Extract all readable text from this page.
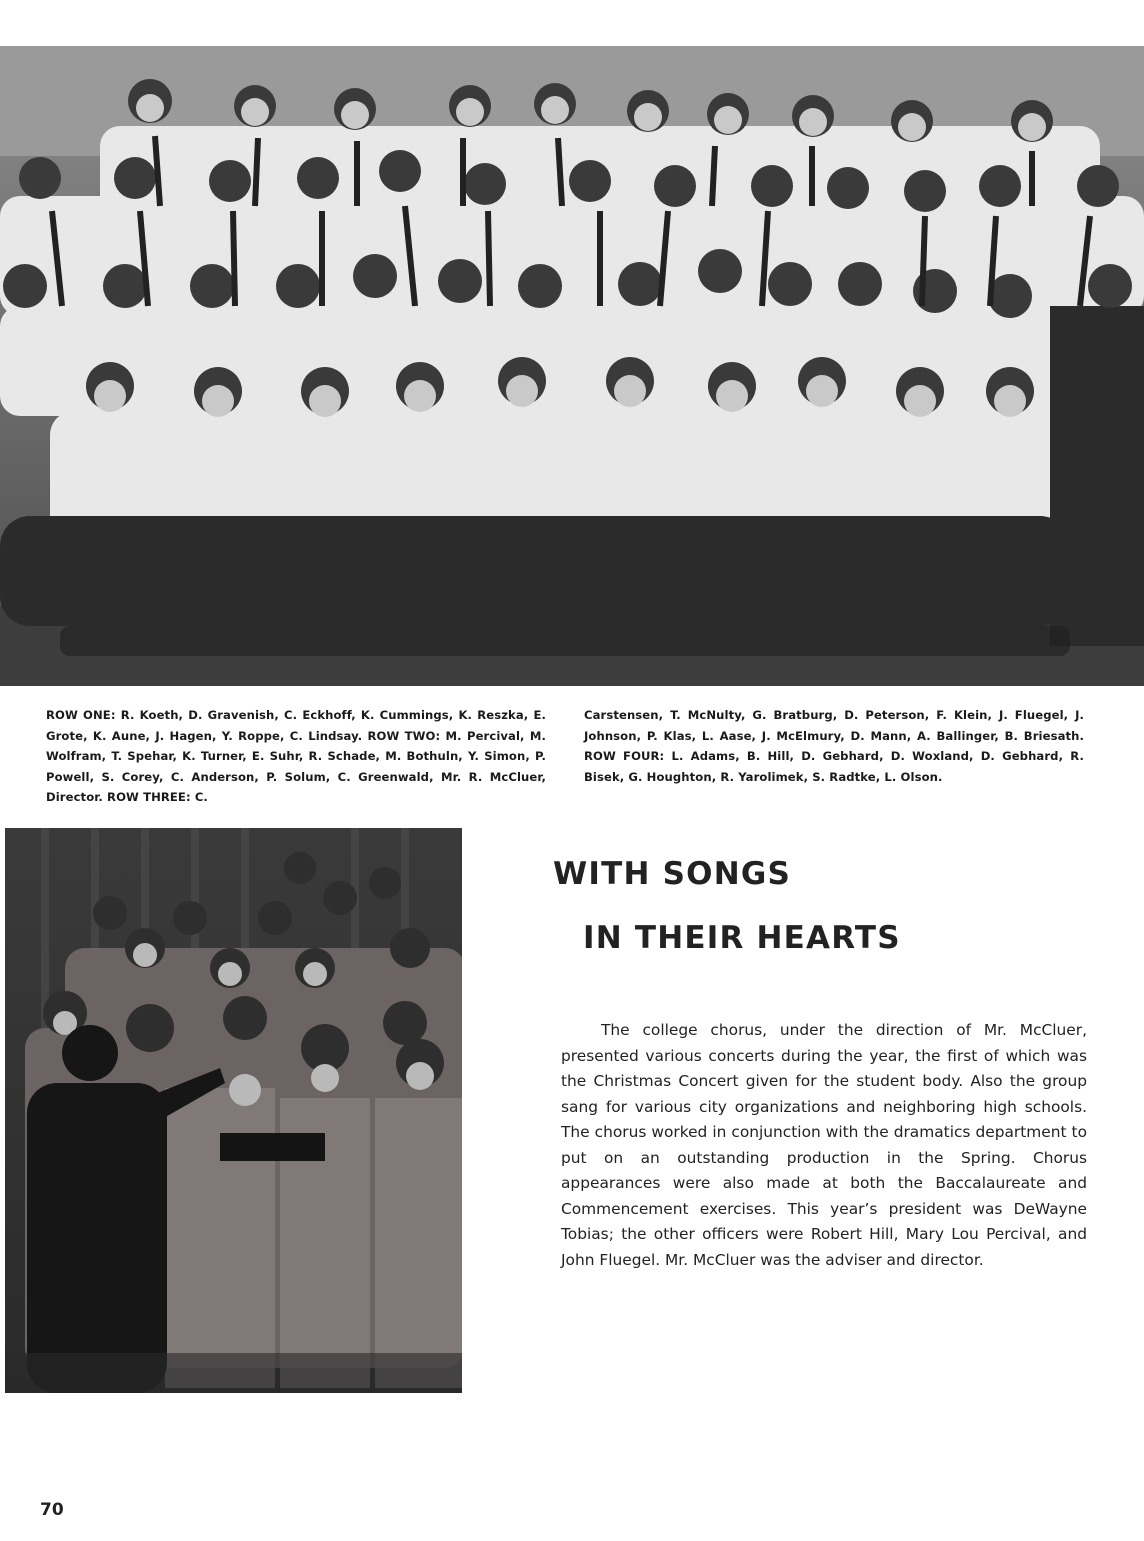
ROW ONE: R. Koeth, D. Gravenish, C. Eckhoff, K. Cummings, K. Reszka, E. Grote, K. Aune, J. Hagen, Y. Roppe, C. Lindsay. ROW TWO: M. Percival, M. Wolfram, T. Spehar, K. Turner, E. Suhr, R. Schade, M. Bothuln, Y. Simon, P. Powell, S. Corey, C. Anderson, P. Solum, C. Greenwald, Mr. R. McCluer, Director. ROW THREE: C.
Carstensen, T. McNulty, G. Bratburg, D. Peterson, F. Klein, J. Fluegel, J. Johnson, P. Klas, L. Aase, J. McElmury, D. Mann, A. Ballinger, B. Briesath. ROW FOUR: L. Adams, B. Hill, D. Gebhard, D. Woxland, D. Gebhard, R. Bisek, G. Houghton, R. Yarolimek, S. Radtke, L. Olson.
WITH SONGS
IN THEIR HEARTS
The college chorus, under the direction of Mr. McCluer, presented various concerts during the year, the first of which was the Christmas Concert given for the student body. Also the group sang for various city organizations and neighboring high schools. The chorus worked in conjunction with the dramatics department to put on an outstanding production in the Spring. Chorus appearances were also made at both the Baccalaureate and Commencement exercises. This year’s president was DeWayne Tobias; the other officers were Robert Hill, Mary Lou Percival, and John Fluegel. Mr. McCluer was the adviser and director.
70
